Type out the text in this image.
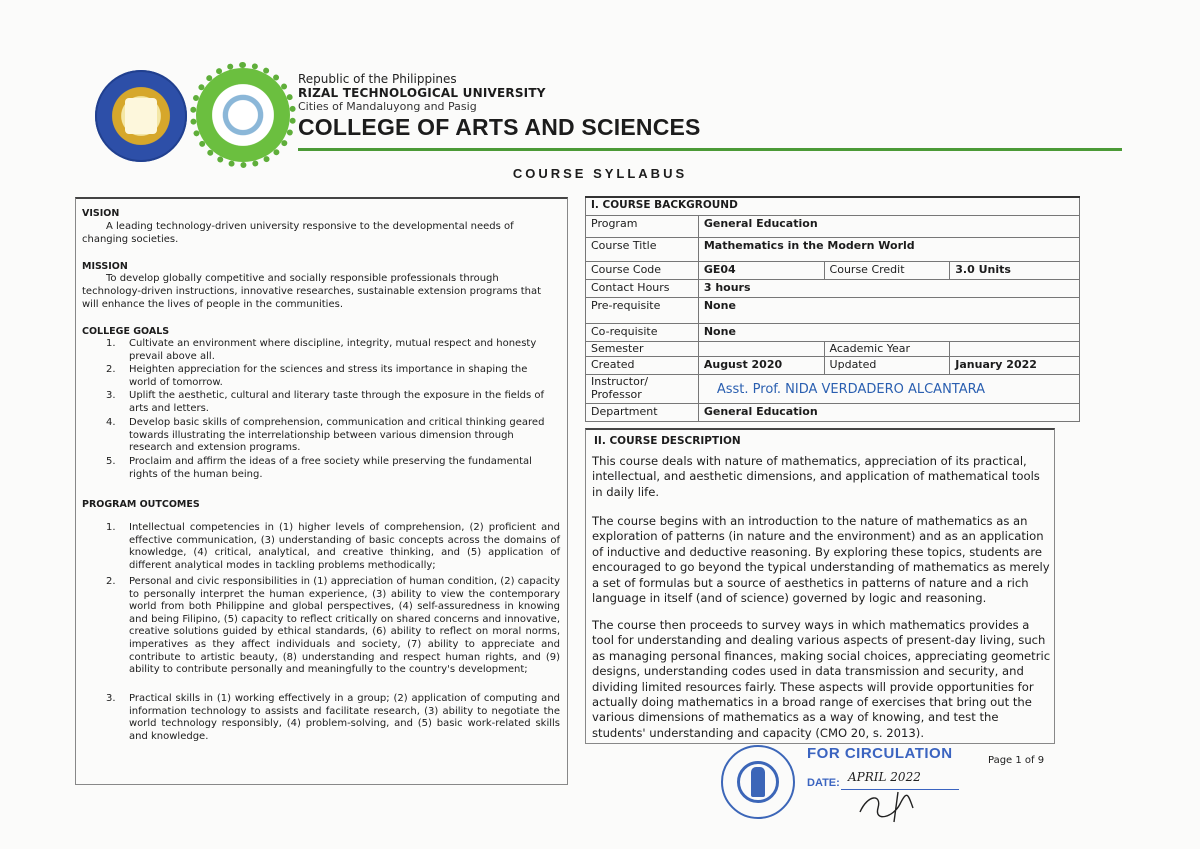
Republic of the Philippines
RIZAL TECHNOLOGICAL UNIVERSITY
Cities of Mandaluyong and Pasig
COLLEGE OF ARTS AND SCIENCES
COURSE SYLLABUS
VISION
A leading technology-driven university responsive to the developmental needs of changing societies.
MISSION
To develop globally competitive and socially responsible professionals through technology-driven instructions, innovative researches, sustainable extension programs that will enhance the lives of people in the communities.
COLLEGE GOALS
1. Cultivate an environment where discipline, integrity, mutual respect and honesty prevail above all.
2. Heighten appreciation for the sciences and stress its importance in shaping the world of tomorrow.
3. Uplift the aesthetic, cultural and literary taste through the exposure in the fields of arts and letters.
4. Develop basic skills of comprehension, communication and critical thinking geared towards illustrating the interrelationship between various dimension through research and extension programs.
5. Proclaim and affirm the ideas of a free society while preserving the fundamental rights of the human being.
PROGRAM OUTCOMES
1. Intellectual competencies in (1) higher levels of comprehension, (2) proficient and effective communication, (3) understanding of basic concepts across the domains of knowledge, (4) critical, analytical, and creative thinking, and (5) application of different analytical modes in tackling problems methodically;
2. Personal and civic responsibilities in (1) appreciation of human condition, (2) capacity to personally interpret the human experience, (3) ability to view the contemporary world from both Philippine and global perspectives, (4) self-assuredness in knowing and being Filipino, (5) capacity to reflect critically on shared concerns and innovative, creative solutions guided by ethical standards, (6) ability to reflect on moral norms, imperatives as they affect individuals and society, (7) ability to appreciate and contribute to artistic beauty, (8) understanding and respect human rights, and (9) ability to contribute personally and meaningfully to the country's development;
3. Practical skills in (1) working effectively in a group; (2) application of computing and information technology to assists and facilitate research, (3) ability to negotiate the world technology responsibly, (4) problem-solving, and (5) basic work-related skills and knowledge.
I. COURSE BACKGROUND			
Program	General Education		
Course Title	Mathematics in the Modern World		
Course Code	GE04	Course Credit	3.0 Units
Contact Hours	3 hours		
Pre-requisite	None		
Co-requisite	None		
Semester		Academic Year	
Created	August 2020	Updated	January 2022
Instructor/
Professor	Asst. Prof. NIDA VERDADERO ALCANTARA		
Department	General Education		
II. COURSE DESCRIPTION
This course deals with nature of mathematics, appreciation of its practical, intellectual, and aesthetic dimensions, and application of mathematical tools in daily life.
The course begins with an introduction to the nature of mathematics as an exploration of patterns (in nature and the environment) and as an application of inductive and deductive reasoning. By exploring these topics, students are encouraged to go beyond the typical understanding of mathematics as merely a set of formulas but a source of aesthetics in patterns of nature and a rich language in itself (and of science) governed by logic and reasoning.
The course then proceeds to survey ways in which mathematics provides a tool for understanding and dealing various aspects of present-day living, such as managing personal finances, making social choices, appreciating geometric designs, understanding codes used in data transmission and security, and dividing limited resources fairly. These aspects will provide opportunities for actually doing mathematics in a broad range of exercises that bring out the various dimensions of mathematics as a way of knowing, and test the students' understanding and capacity (CMO 20, s. 2013).
FOR CIRCULATION
DATE: APRIL 2022
Page 1 of 9
